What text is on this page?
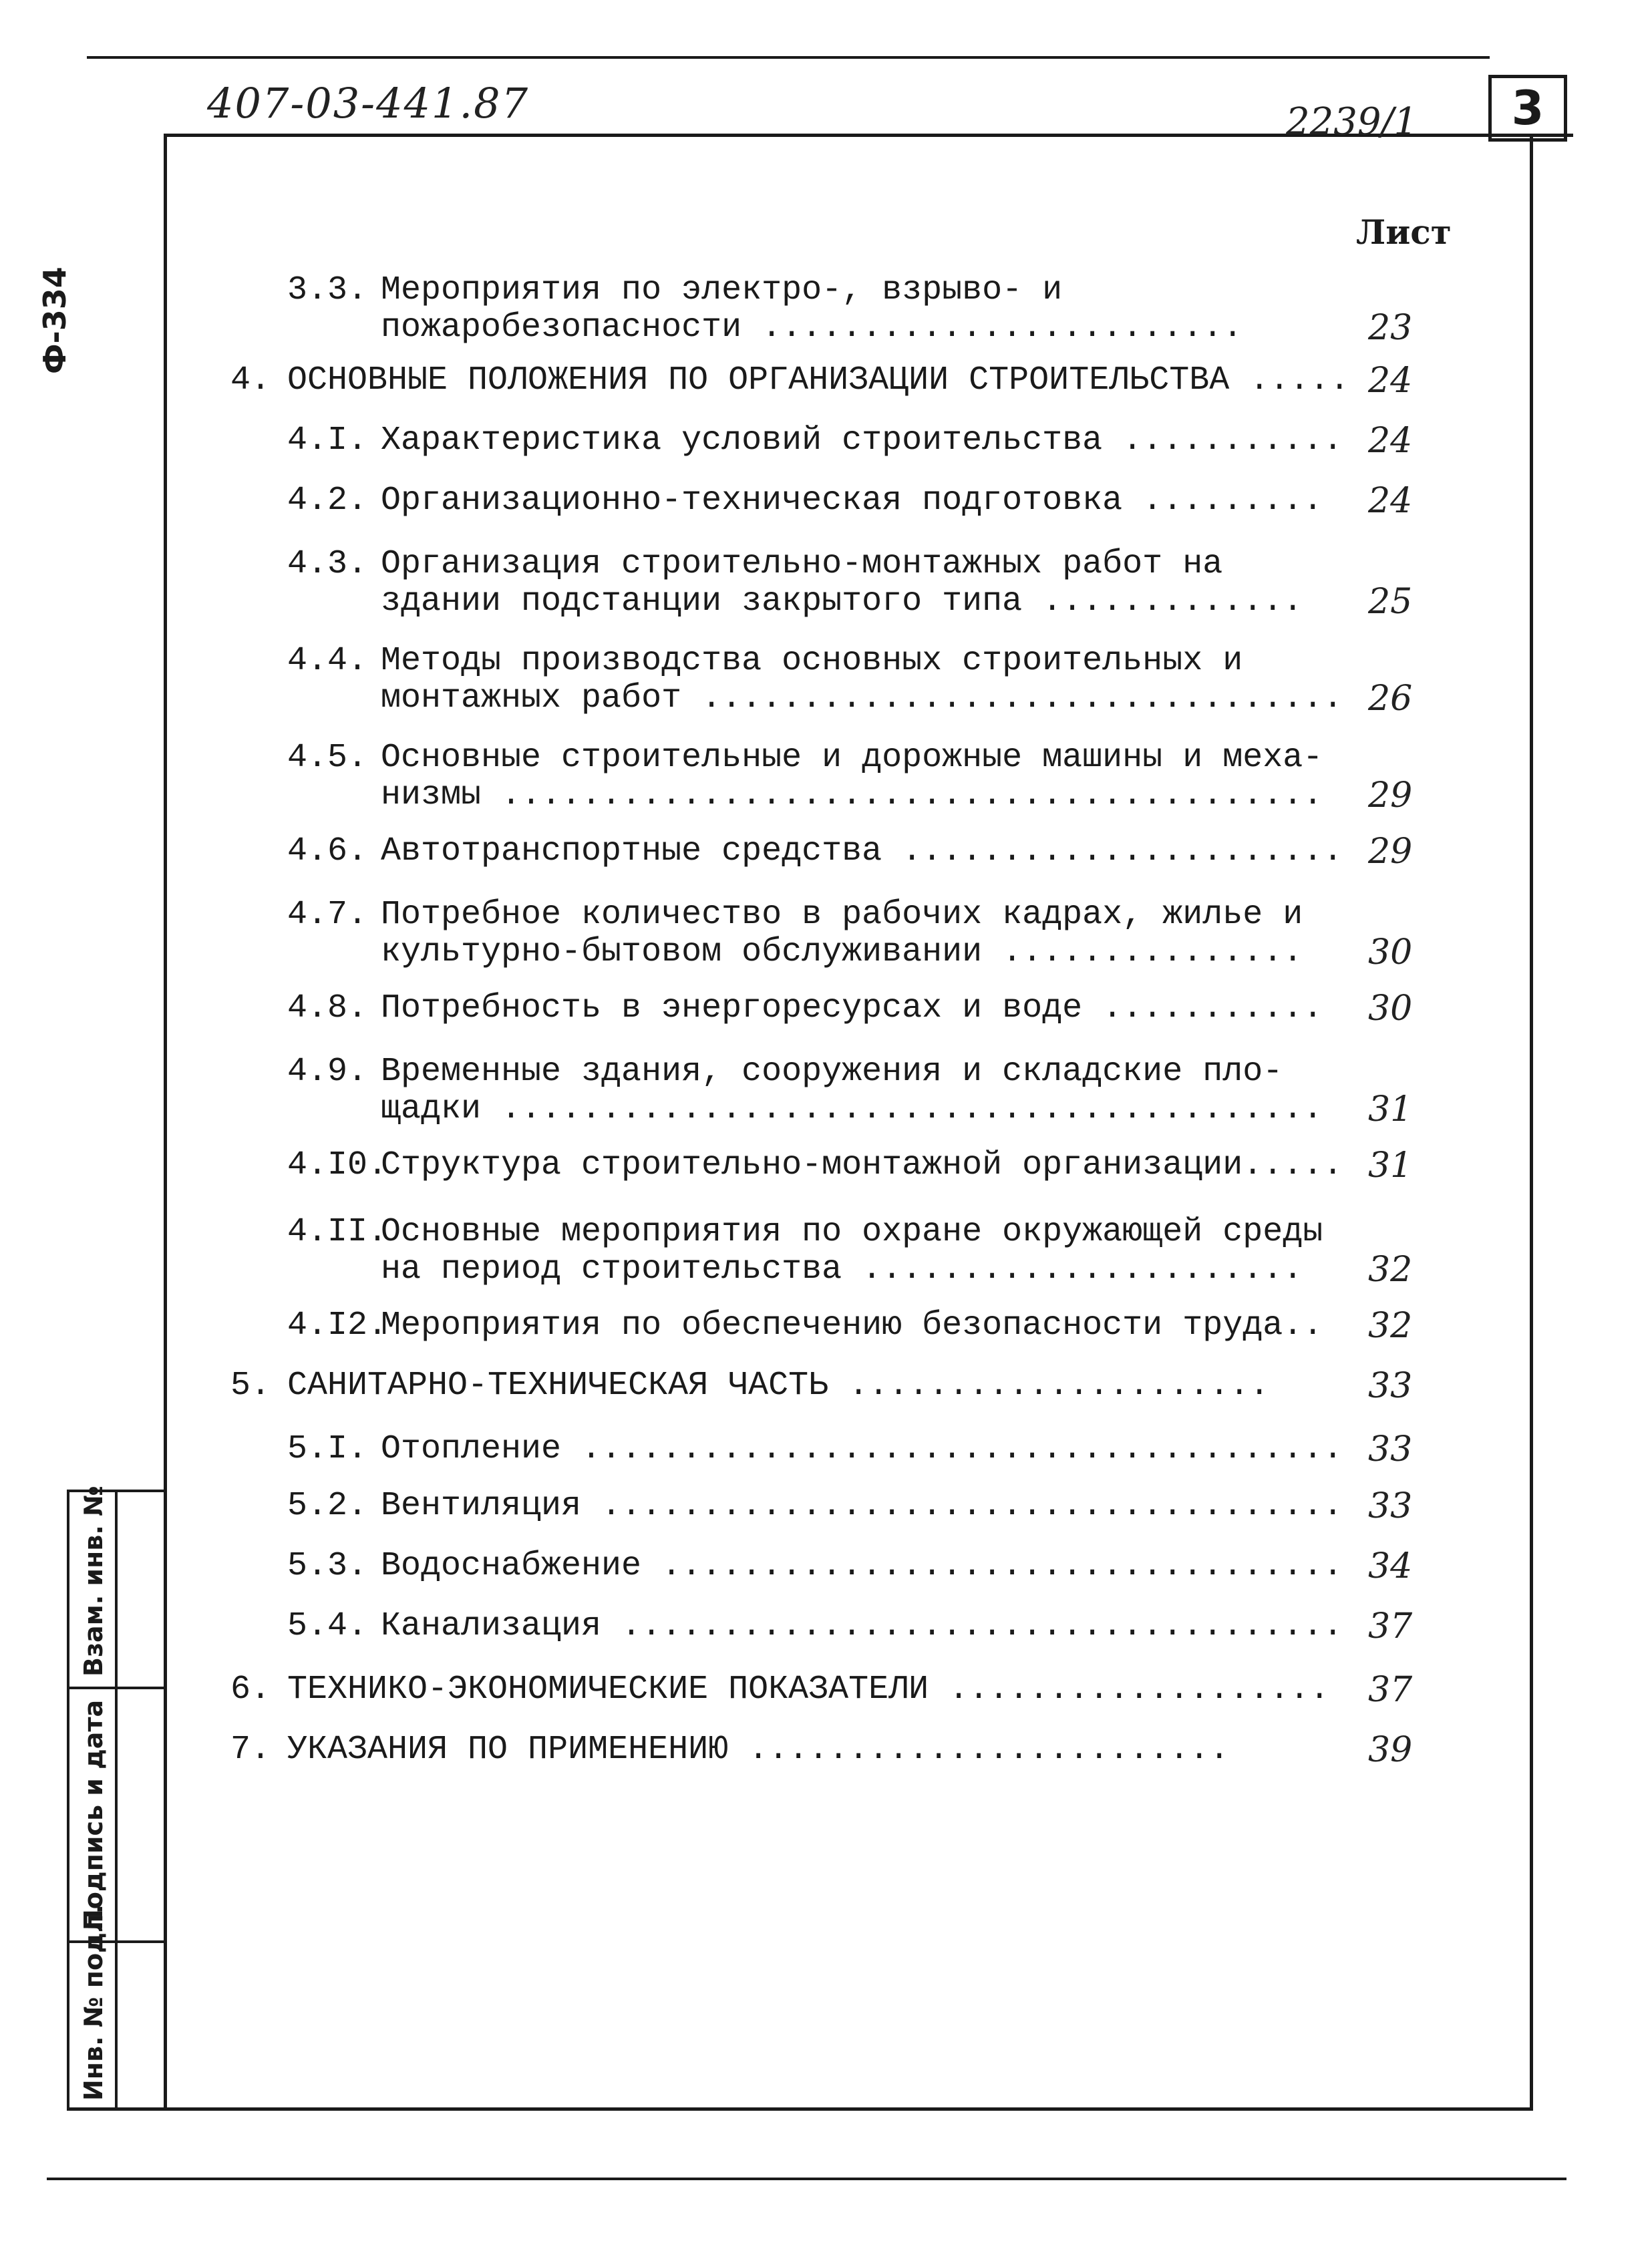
407-03-441.87	2239/1	3
Ф-334
Взам. инв. №
Подпись и дата
Инв. № подл.
Лист
3.3. Мероприятия по электро-, взрыво- и
пожаробезопасности ........................	23
4. ОСНОВНЫЕ ПОЛОЖЕНИЯ ПО ОРГАНИЗАЦИИ СТРОИТЕЛЬСТВА ..... 24
4.I. Характеристика условий строительства ........... 24
4.2. Организационно-техническая подготовка ......... 24
4.3. Организация строительно-монтажных работ на
здании подстанции закрытого типа ............. 25
4.4. Методы производства основных строительных и
монтажных работ ................................ 26
4.5. Основные строительные и дорожные машины и меха-
низмы ......................................... 29
4.6. Автотранспортные средства ...................... 29
4.7. Потребное количество в рабочих кадрах, жилье и
культурно-бытовом обслуживании ............... 30
4.8. Потребность в энергоресурсах и воде ........... 30
4.9. Временные здания, сооружения и складские пло-
щадки ......................................... 31
4.I0.
Структура строительно-монтажной организации..... 31
4.II.
Основные мероприятия по охране окружающей среды
на период строительства ...................... 32
4.I2.
Мероприятия по обеспечению безопасности труда.. 32
5. САНИТАРНО-ТЕХНИЧЕСКАЯ ЧАСТЬ .....................	33
5.I. Отопление ...................................... 33
5.2. Вентиляция ..................................... 33
5.3. Водоснабжение .................................. 34
5.4. Канализация .................................... 37
6. ТЕХНИКО-ЭКОНОМИЧЕСКИЕ ПОКАЗАТЕЛИ ................... 37
7. УКАЗАНИЯ ПО ПРИМЕНЕНИЮ ........................	39
